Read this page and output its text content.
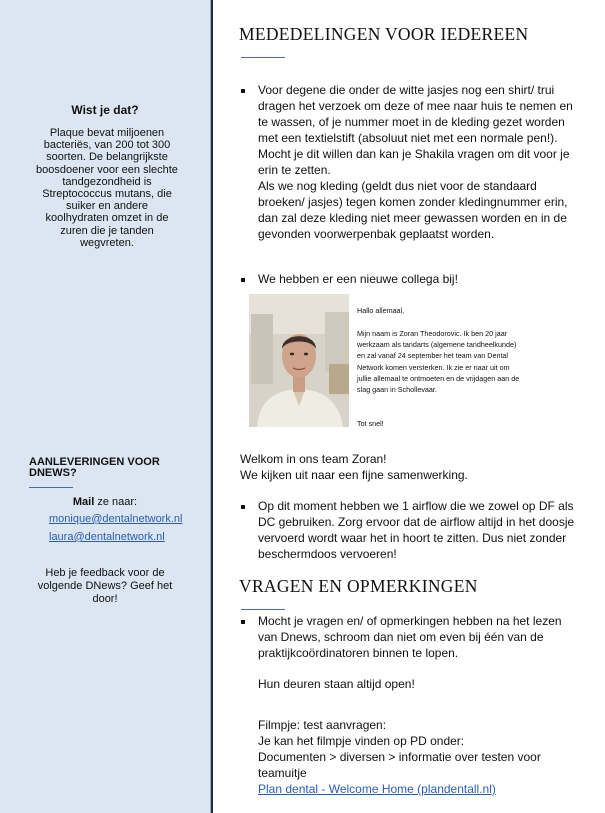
Wist je dat?
Plaque bevat miljoenen
bacteriës, van 200 tot 300
soorten. De belangrijkste
boosdoener voor een slechte
tandgezondheid is
Streptococcus mutans, die
suiker en andere
koolhydraten omzet in de
zuren die je tanden
wegvreten.
AANLEVERINGEN VOOR
DNEWS?
Mail ze naar:
monique@dentalnetwork.nl
laura@dentalnetwork.nl
Heb je feedback voor de
volgende DNews? Geef het
door!
MEDEDELINGEN VOOR IEDEREEN
Voor degene die onder de witte jasjes nog een shirt/ trui
dragen het verzoek om deze of mee naar huis te nemen en
te wassen, of je nummer moet in de kleding gezet worden
met een textielstift (absoluut niet met een normale pen!).
Mocht je dit willen dan kan je Shakila vragen om dit voor je
erin te zetten.
Als we nog kleding (geldt dus niet voor de standaard
broeken/ jasjes) tegen komen zonder kledingnummer erin,
dan zal deze kleding niet meer gewassen worden en in de
gevonden voorwerpenbak geplaatst worden.
We hebben er een nieuwe collega bij!
Hallo allemaal,
Mijn naam is Zoran Theodorovic. Ik ben 20 jaar
werkzaam als tandarts (algemene tandheelkunde)
en zal vanaf 24 september het team van Dental
Network komen versterken. Ik zie er naar uit om
jullie allemaal te ontmoeten en de vrijdagen aan de
slag gaan in Schollevaar.
Tot snel!
Welkom in ons team Zoran!
We kijken uit naar een fijne samenwerking.
Op dit moment hebben we 1 airflow die we zowel op DF als
DC gebruiken. Zorg ervoor dat de airflow altijd in het doosje
vervoerd wordt waar het in hoort te zitten. Dus niet zonder
beschermdoos vervoeren!
VRAGEN EN OPMERKINGEN
Mocht je vragen en/ of opmerkingen hebben na het lezen
van Dnews, schroom dan niet om even bij één van de
praktijkcoördinatoren binnen te lopen.
Hun deuren staan altijd open!
Filmpje: test aanvragen:
Je kan het filmpje vinden op PD onder:
Documenten > diversen > informatie over testen voor
teamuitje
Plan dental - Welcome Home (plandentall.nl)
